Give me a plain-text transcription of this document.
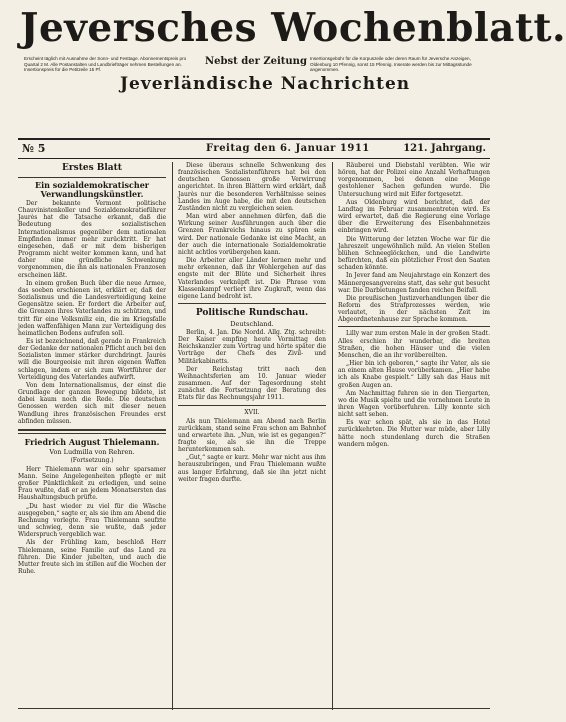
Jeversches Wochenblatt.
Erscheint täglich mit Ausnahme der Sonn- und Festtage. Abonnementspreis pro Quartal 2 M. Alle Postanstalten und Landbriefträger nehmen Bestellungen an. Insertionspreis für die Petitzeile 15 Pf.
Nebst der Zeitung Insertionsgebühr für die Korpuszeile oder deren Raum für Jeversche Anzeigen, Oldenburg 10 Pfennig, sonst 15 Pfennig. Inserate werden bis zur Mittagsstunde angenommen.
Jeverländische Nachrichten
№ 5	Freitag den 6. Januar 1911	121. Jahrgang.

Erstes Blatt

Ein sozialdemokratischer Verwandlungskünstler.

Der bekannte Vermont politische Chauvinistenkoller und Sozialdemokratieführer Jaurès hat die Tatsache erkannt, daß die Bedeutung des sozialistischen Internationalismus gegenüber dem nationalen Empfinden immer mehr zurücktritt. Er hat eingesehen, daß er mit dem bisherigen Programm nicht weiter kommen kann, und hat daher eine gründliche Schwenkung vorgenommen, die ihn als nationalen Franzosen erscheinen läßt.

In einem großen Buch über die neue Armee, das soeben erschienen ist, erklärt er, daß der Sozialismus und die Landesverteidigung keine Gegensätze seien. Er fordert die Arbeiter auf, die Grenzen ihres Vaterlandes zu schützen, und tritt für eine Volksmiliz ein, die im Kriegsfalle jeden waffenfähigen Mann zur Verteidigung des heimatlichen Bodens aufrufen soll.

Es ist bezeichnend, daß gerade in Frankreich der Gedanke der nationalen Pflicht auch bei den Sozialisten immer stärker durchdringt. Jaurès will die Bourgeoisie mit ihren eigenen Waffen schlagen, indem er sich zum Wortführer der Verteidigung des Vaterlandes aufwirft.

Von dem Internationalismus, der einst die Grundlage der ganzen Bewegung bildete, ist dabei kaum noch die Rede. Die deutschen Genossen werden sich mit dieser neuen Wandlung ihres französischen Freundes erst abfinden müssen.

Friedrich August Thielemann.

Von Ludmilla von Rehren.

(Fortsetzung.)

Herr Thielemann war ein sehr sparsamer Mann. Seine Angelegenheiten pflegte er mit großer Pünktlichkeit zu erledigen, und seine Frau wußte, daß er an jedem Monatsersten das Haushaltungsbuch prüfte.

„Du hast wieder zu viel für die Wäsche ausgegeben,“ sagte er, als sie ihm am Abend die Rechnung vorlegte. Frau Thielemann seufzte und schwieg, denn sie wußte, daß jeder Widerspruch vergeblich war.

Als der Frühling kam, beschloß Herr Thielemann, seine Familie auf das Land zu führen. Die Kinder jubelten, und auch die Mutter freute sich im stillen auf die Wochen der Ruhe.

Diese überaus schnelle Schwenkung des französischen Sozialistenführers hat bei den deutschen Genossen große Verwirrung angerichtet. In ihren Blättern wird erklärt, daß Jaurès nur die besonderen Verhältnisse seines Landes im Auge habe, die mit den deutschen Zuständen nicht zu vergleichen seien.

Man wird aber annehmen dürfen, daß die Wirkung seiner Ausführungen auch über die Grenzen Frankreichs hinaus zu spüren sein wird. Der nationale Gedanke ist eine Macht, an der auch die internationale Sozialdemokratie nicht achtlos vorübergehen kann.

Die Arbeiter aller Länder lernen mehr und mehr erkennen, daß ihr Wohlergehen auf das engste mit der Blüte und Sicherheit ihres Vaterlandes verknüpft ist. Die Phrase vom Klassenkampf verliert ihre Zugkraft, wenn das eigene Land bedroht ist.

Politische Rundschau.

Deutschland.

Berlin, 4. Jan. Die Nordd. Allg. Ztg. schreibt: Der Kaiser empfing heute Vormittag den Reichskanzler zum Vortrag und hörte später die Vorträge der Chefs des Zivil- und Militärkabinetts.

Der Reichstag tritt nach den Weihnachtsferien am 10. Januar wieder zusammen. Auf der Tagesordnung steht zunächst die Fortsetzung der Beratung des Etats für das Rechnungsjahr 1911.

XVII.

Als nun Thielemann am Abend nach Berlin zurückkam, stand seine Frau schon am Bahnhof und erwartete ihn. „Nun, wie ist es gegangen?“ fragte sie, als sie ihn die Treppe herunterkommen sah.

„Gut,“ sagte er kurz. Mehr war nicht aus ihm herauszubringen, und Frau Thielemann wußte aus langer Erfahrung, daß sie ihn jetzt nicht weiter fragen durfte.

Räuberei und Diebstahl verübten. Wie wir hören, hat der Polizei eine Anzahl Verhaftungen vorgenommen, bei denen eine Menge gestohlener Sachen gefunden wurde. Die Untersuchung wird mit Eifer fortgesetzt.

Aus Oldenburg wird berichtet, daß der Landtag im Februar zusammentreten wird. Es wird erwartet, daß die Regierung eine Vorlage über die Erweiterung des Eisenbahnnetzes einbringen wird.

Die Witterung der letzten Woche war für die Jahreszeit ungewöhnlich mild. An vielen Stellen blühen Schneeglöckchen, und die Landwirte befürchten, daß ein plötzlicher Frost den Saaten schaden könnte.

In Jever fand am Neujahrstage ein Konzert des Männergesangvereins statt, das sehr gut besucht war. Die Darbietungen fanden reichen Beifall.

Die preußischen Justizverhandlungen über die Reform des Strafprozesses werden, wie verlautet, in der nächsten Zeit im Abgeordnetenhause zur Sprache kommen.

Lilly war zum ersten Male in der großen Stadt. Alles erschien ihr wunderbar, die breiten Straßen, die hohen Häuser und die vielen Menschen, die an ihr vorübereilten.

„Hier bin ich geboren,“ sagte ihr Vater, als sie an einem alten Hause vorüberkamen. „Hier habe ich als Knabe gespielt.“ Lilly sah das Haus mit großen Augen an.

Am Nachmittag fuhren sie in den Tiergarten, wo die Musik spielte und die vornehmen Leute in ihren Wagen vorüberfuhren. Lilly konnte sich nicht satt sehen.

Es war schon spät, als sie in das Hotel zurückkehrten. Die Mutter war müde, aber Lilly hätte noch stundenlang durch die Straßen wandern mögen.
